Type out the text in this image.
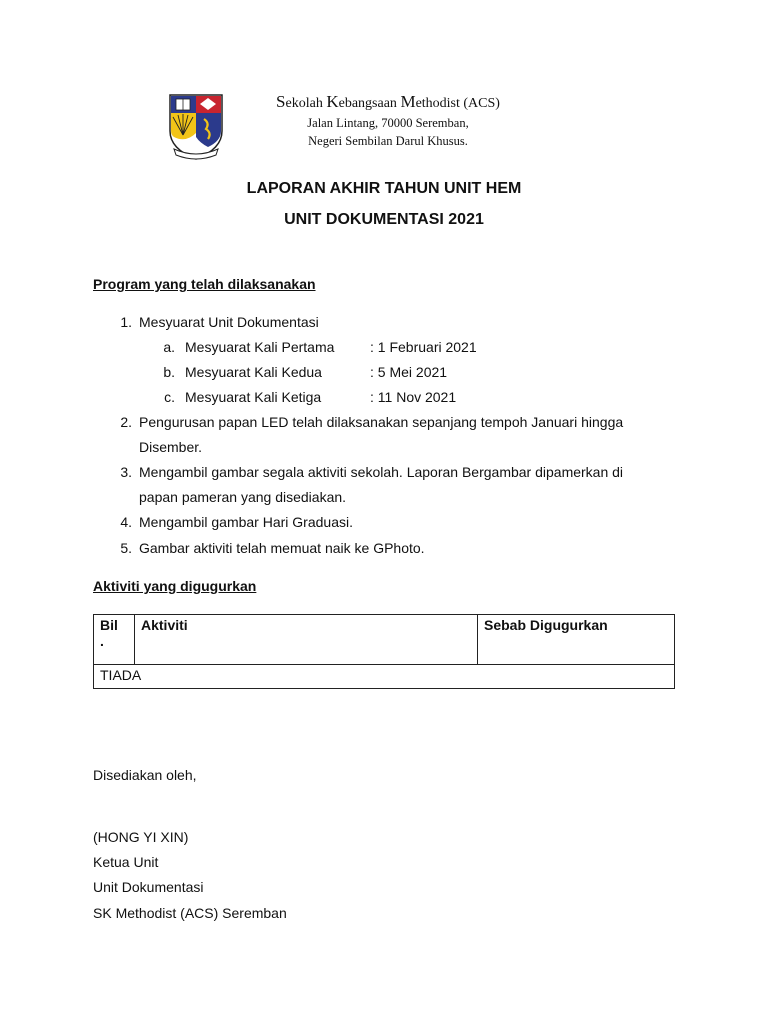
Sekolah Kebangsaan Methodist (ACS)
Jalan Lintang, 70000 Seremban,
Negeri Sembilan Darul Khusus.
LAPORAN AKHIR TAHUN UNIT HEM
UNIT DOKUMENTASI 2021
Program yang telah dilaksanakan
1. Mesyuarat Unit Dokumentasi
a. Mesyuarat Kali Pertama	: 1 Februari 2021
b. Mesyuarat Kali Kedua	: 5 Mei 2021
c. Mesyuarat Kali Ketiga	: 11 Nov 2021
2. Pengurusan papan LED telah dilaksanakan sepanjang tempoh Januari hingga
Disember.
3. Mengambil gambar segala aktiviti sekolah. Laporan Bergambar dipamerkan di
papan pameran yang disediakan.
4. Mengambil gambar Hari Graduasi.
5. Gambar aktiviti telah memuat naik ke GPhoto.
Aktiviti yang digugurkan
Bil
.	Aktiviti	Sebab Digugurkan
TIADA
Disediakan oleh,
(HONG YI XIN)
Ketua Unit
Unit Dokumentasi
SK Methodist (ACS) Seremban
